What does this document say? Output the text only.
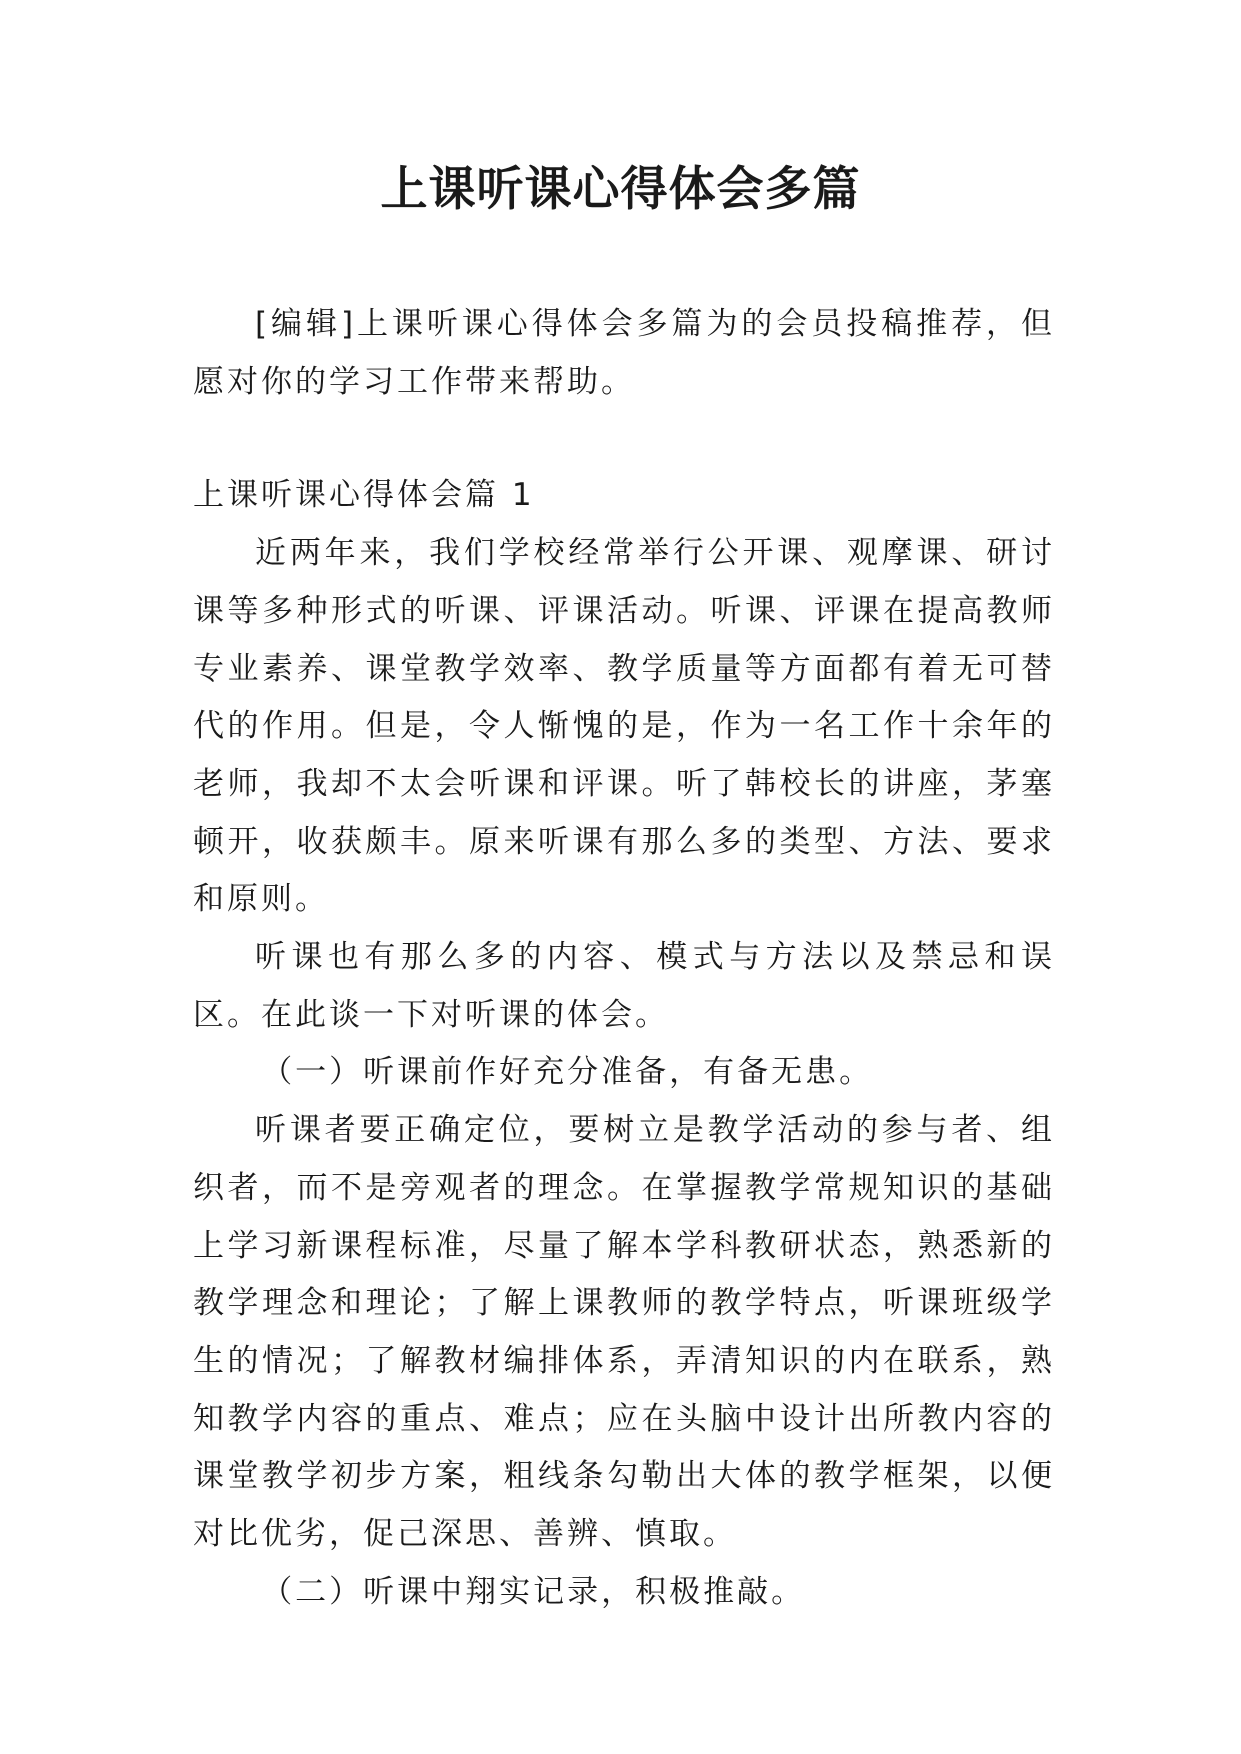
上课听课心得体会多篇

[编辑]上课听课心得体会多篇为的会员投稿推荐，但愿对你的学习工作带来帮助。

上课听课心得体会篇 1

近两年来，我们学校经常举行公开课、观摩课、研讨课等多种形式的听课、评课活动。听课、评课在提高教师专业素养、课堂教学效率、教学质量等方面都有着无可替代的作用。但是，令人惭愧的是，作为一名工作十余年的老师，我却不太会听课和评课。听了韩校长的讲座，茅塞顿开，收获颇丰。原来听课有那么多的类型、方法、要求和原则。

听课也有那么多的内容、模式与方法以及禁忌和误区。在此谈一下对听课的体会。

（一）听课前作好充分准备，有备无患。

听课者要正确定位，要树立是教学活动的参与者、组织者，而不是旁观者的理念。在掌握教学常规知识的基础上学习新课程标准，尽量了解本学科教研状态，熟悉新的教学理念和理论；了解上课教师的教学特点，听课班级学生的情况；了解教材编排体系，弄清知识的内在联系，熟知教学内容的重点、难点；应在头脑中设计出所教内容的课堂教学初步方案，粗线条勾勒出大体的教学框架，以便对比优劣，促己深思、善辨、慎取。

（二）听课中翔实记录，积极推敲。
